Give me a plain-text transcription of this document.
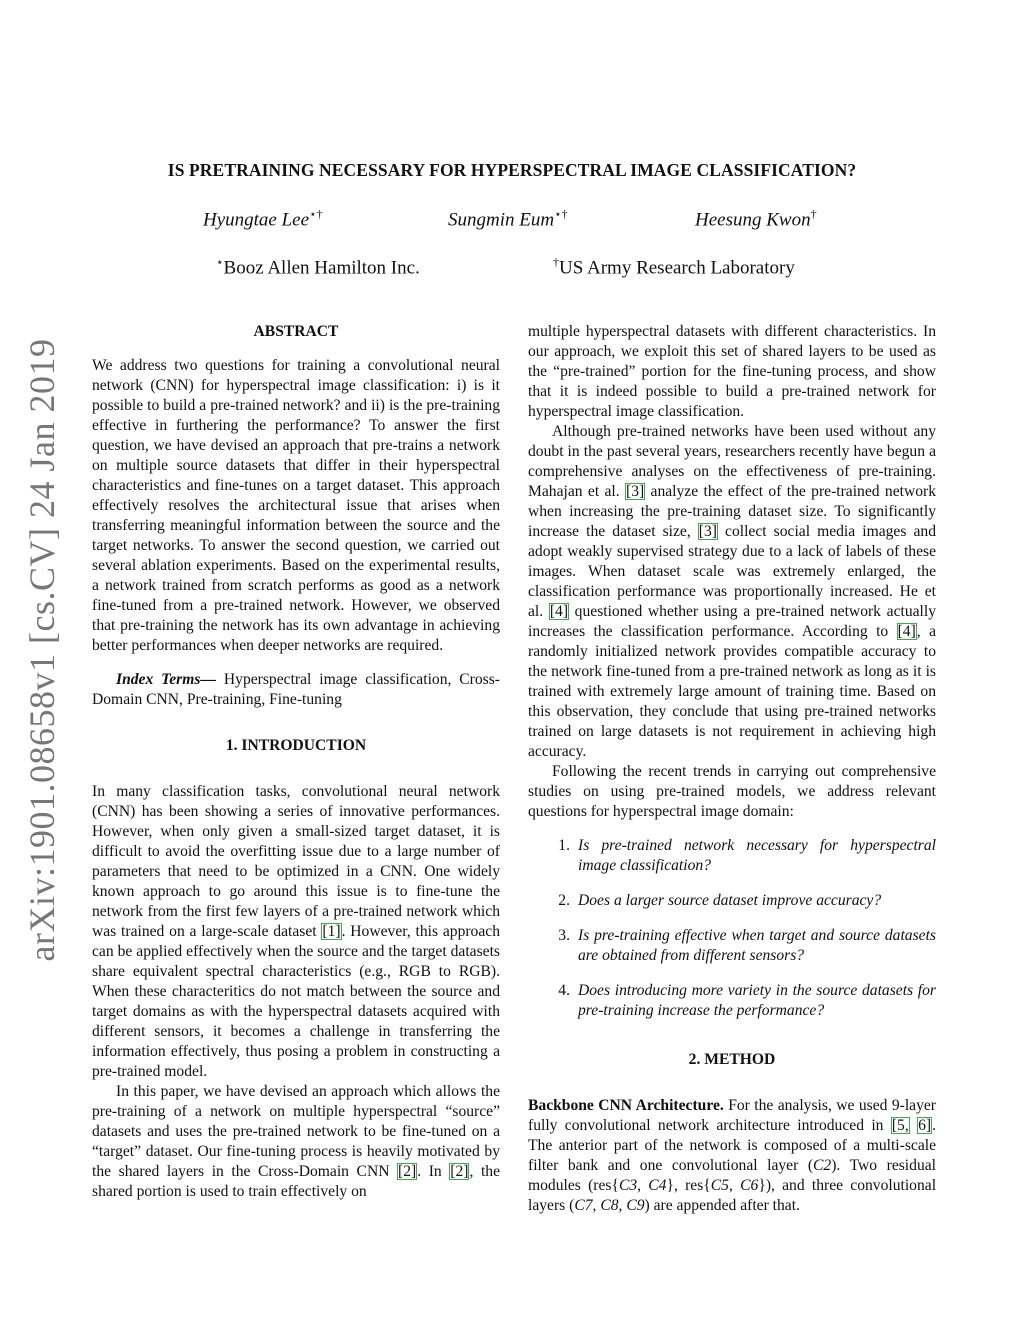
arXiv:1901.08658v1 [cs.CV] 24 Jan 2019
IS PRETRAINING NECESSARY FOR HYPERSPECTRAL IMAGE CLASSIFICATION?
Hyungtae Lee⋆†	Sungmin Eum⋆†	Heesung Kwon†
⋆Booz Allen Hamilton Inc.	†US Army Research Laboratory
ABSTRACT

We address two questions for training a convolutional neural network (CNN) for hyperspectral image classification: i) is it possible to build a pre-trained network? and ii) is the pre-training effective in furthering the performance? To answer the first question, we have devised an approach that pre-trains a network on multiple source datasets that differ in their hyperspectral characteristics and fine-tunes on a target dataset. This approach effectively resolves the architectural issue that arises when transferring meaningful information between the source and the target networks. To answer the second question, we carried out several ablation experiments. Based on the experimental results, a network trained from scratch performs as good as a network fine-tuned from a pre-trained network. However, we observed that pre-training the network has its own advantage in achieving better performances when deeper networks are required.

Index Terms— Hyperspectral image classification, Cross-Domain CNN, Pre-training, Fine-tuning

1. INTRODUCTION

In many classification tasks, convolutional neural network (CNN) has been showing a series of innovative performances. However, when only given a small-sized target dataset, it is difficult to avoid the overfitting issue due to a large number of parameters that need to be optimized in a CNN. One widely known approach to go around this issue is to fine-tune the network from the first few layers of a pre-trained network which was trained on a large-scale dataset [1]. However, this approach can be applied effectively when the source and the target datasets share equivalent spectral characteristics (e.g., RGB to RGB). When these characteritics do not match between the source and target domains as with the hyperspectral datasets acquired with different sensors, it becomes a challenge in transferring the information effectively, thus posing a problem in constructing a pre-trained model.

In this paper, we have devised an approach which allows the pre-training of a network on multiple hyperspectral “source” datasets and uses the pre-trained network to be fine-tuned on a “target” dataset. Our fine-tuning process is heavily motivated by the shared layers in the Cross-Domain CNN [2]. In [2], the shared portion is used to train effectively on

multiple hyperspectral datasets with different characteristics. In our approach, we exploit this set of shared layers to be used as the “pre-trained” portion for the fine-tuning process, and show that it is indeed possible to build a pre-trained network for hyperspectral image classification.

Although pre-trained networks have been used without any doubt in the past several years, researchers recently have begun a comprehensive analyses on the effectiveness of pre-training. Mahajan et al. [3] analyze the effect of the pre-trained network when increasing the pre-training dataset size. To significantly increase the dataset size, [3] collect social media images and adopt weakly supervised strategy due to a lack of labels of these images. When dataset scale was extremely enlarged, the classification performance was proportionally increased. He et al. [4] questioned whether using a pre-trained network actually increases the classification performance. According to [4], a randomly initialized network provides compatible accuracy to the network fine-tuned from a pre-trained network as long as it is trained with extremely large amount of training time. Based on this observation, they conclude that using pre-trained networks trained on large datasets is not requirement in achieving high accuracy.

Following the recent trends in carrying out comprehensive studies on using pre-trained models, we address relevant questions for hyperspectral image domain:

1. Is pre-trained network necessary for hyperspectral image classification?
2. Does a larger source dataset improve accuracy?
3. Is pre-training effective when target and source datasets are obtained from different sensors?
4. Does introducing more variety in the source datasets for pre-training increase the performance?
2. METHOD

Backbone CNN Architecture. For the analysis, we used 9-layer fully convolutional network architecture introduced in [5, 6]. The anterior part of the network is composed of a multi-scale filter bank and one convolutional layer (C2). Two residual modules (res{C3, C4}, res{C5, C6}), and three convolutional layers (C7, C8, C9) are appended after that.
